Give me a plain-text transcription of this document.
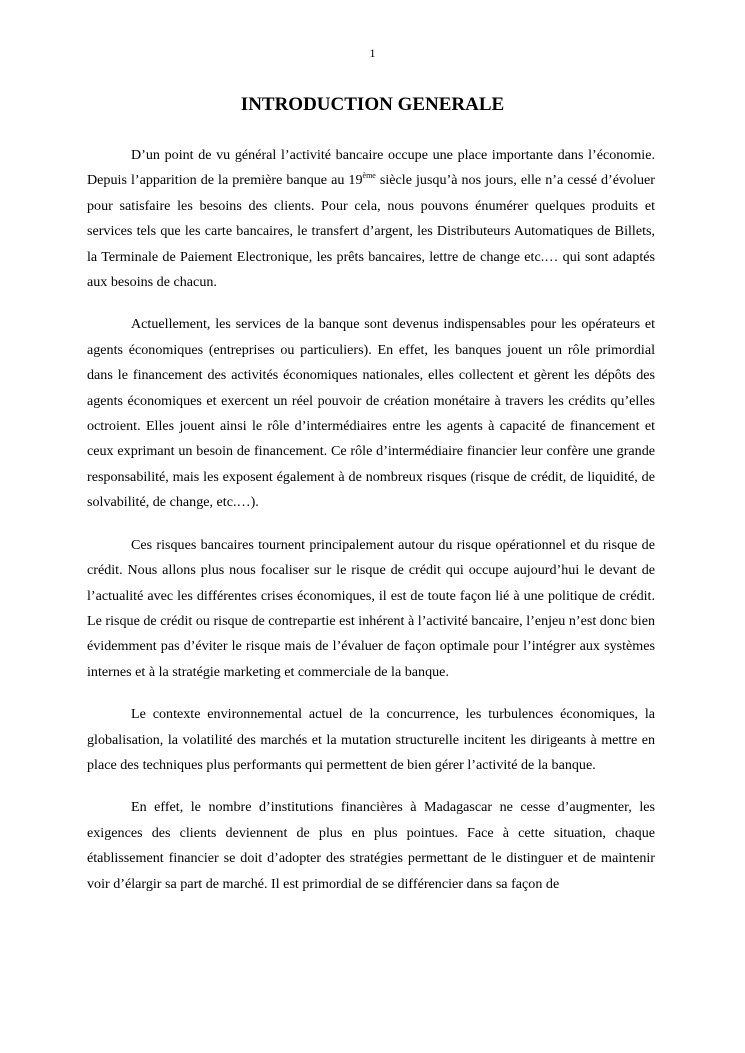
1
INTRODUCTION GENERALE

D’un point de vu général l’activité bancaire occupe une place importante dans l’économie. Depuis l’apparition de la première banque au 19ème siècle jusqu’à nos jours, elle n’a cessé d’évoluer pour satisfaire les besoins des clients. Pour cela, nous pouvons énumérer quelques produits et services tels que les carte bancaires, le transfert d’argent, les Distributeurs Automatiques de Billets, la Terminale de Paiement Electronique, les prêts bancaires, lettre de change etc.… qui sont adaptés aux besoins de chacun.

Actuellement, les services de la banque sont devenus indispensables pour les opérateurs et agents économiques (entreprises ou particuliers). En effet, les banques jouent un rôle primordial dans le financement des activités économiques nationales, elles collectent et gèrent les dépôts des agents économiques et exercent un réel pouvoir de création monétaire à travers les crédits qu’elles octroient. Elles jouent ainsi le rôle d’intermédiaires entre les agents à capacité de financement et ceux exprimant un besoin de financement. Ce rôle d’intermédiaire financier leur confère une grande responsabilité, mais les exposent également à de nombreux risques (risque de crédit, de liquidité, de solvabilité, de change, etc.…).

Ces risques bancaires tournent principalement autour du risque opérationnel et du risque de crédit. Nous allons plus nous focaliser sur le risque de crédit qui occupe aujourd’hui le devant de l’actualité avec les différentes crises économiques, il est de toute façon lié à une politique de crédit. Le risque de crédit ou risque de contrepartie est inhérent à l’activité bancaire, l’enjeu n’est donc bien évidemment pas d’éviter le risque mais de l’évaluer de façon optimale pour l’intégrer aux systèmes internes et à la stratégie marketing et commerciale de la banque.

Le contexte environnemental actuel de la concurrence, les turbulences économiques, la globalisation, la volatilité des marchés et la mutation structurelle incitent les dirigeants à mettre en place des techniques plus performants qui permettent de bien gérer l’activité de la banque.

En effet, le nombre d’institutions financières à Madagascar ne cesse d’augmenter, les exigences des clients deviennent de plus en plus pointues. Face à cette situation, chaque établissement financier se doit d’adopter des stratégies permettant de le distinguer et de maintenir voir d’élargir sa part de marché. Il est primordial de se différencier dans sa façon de
